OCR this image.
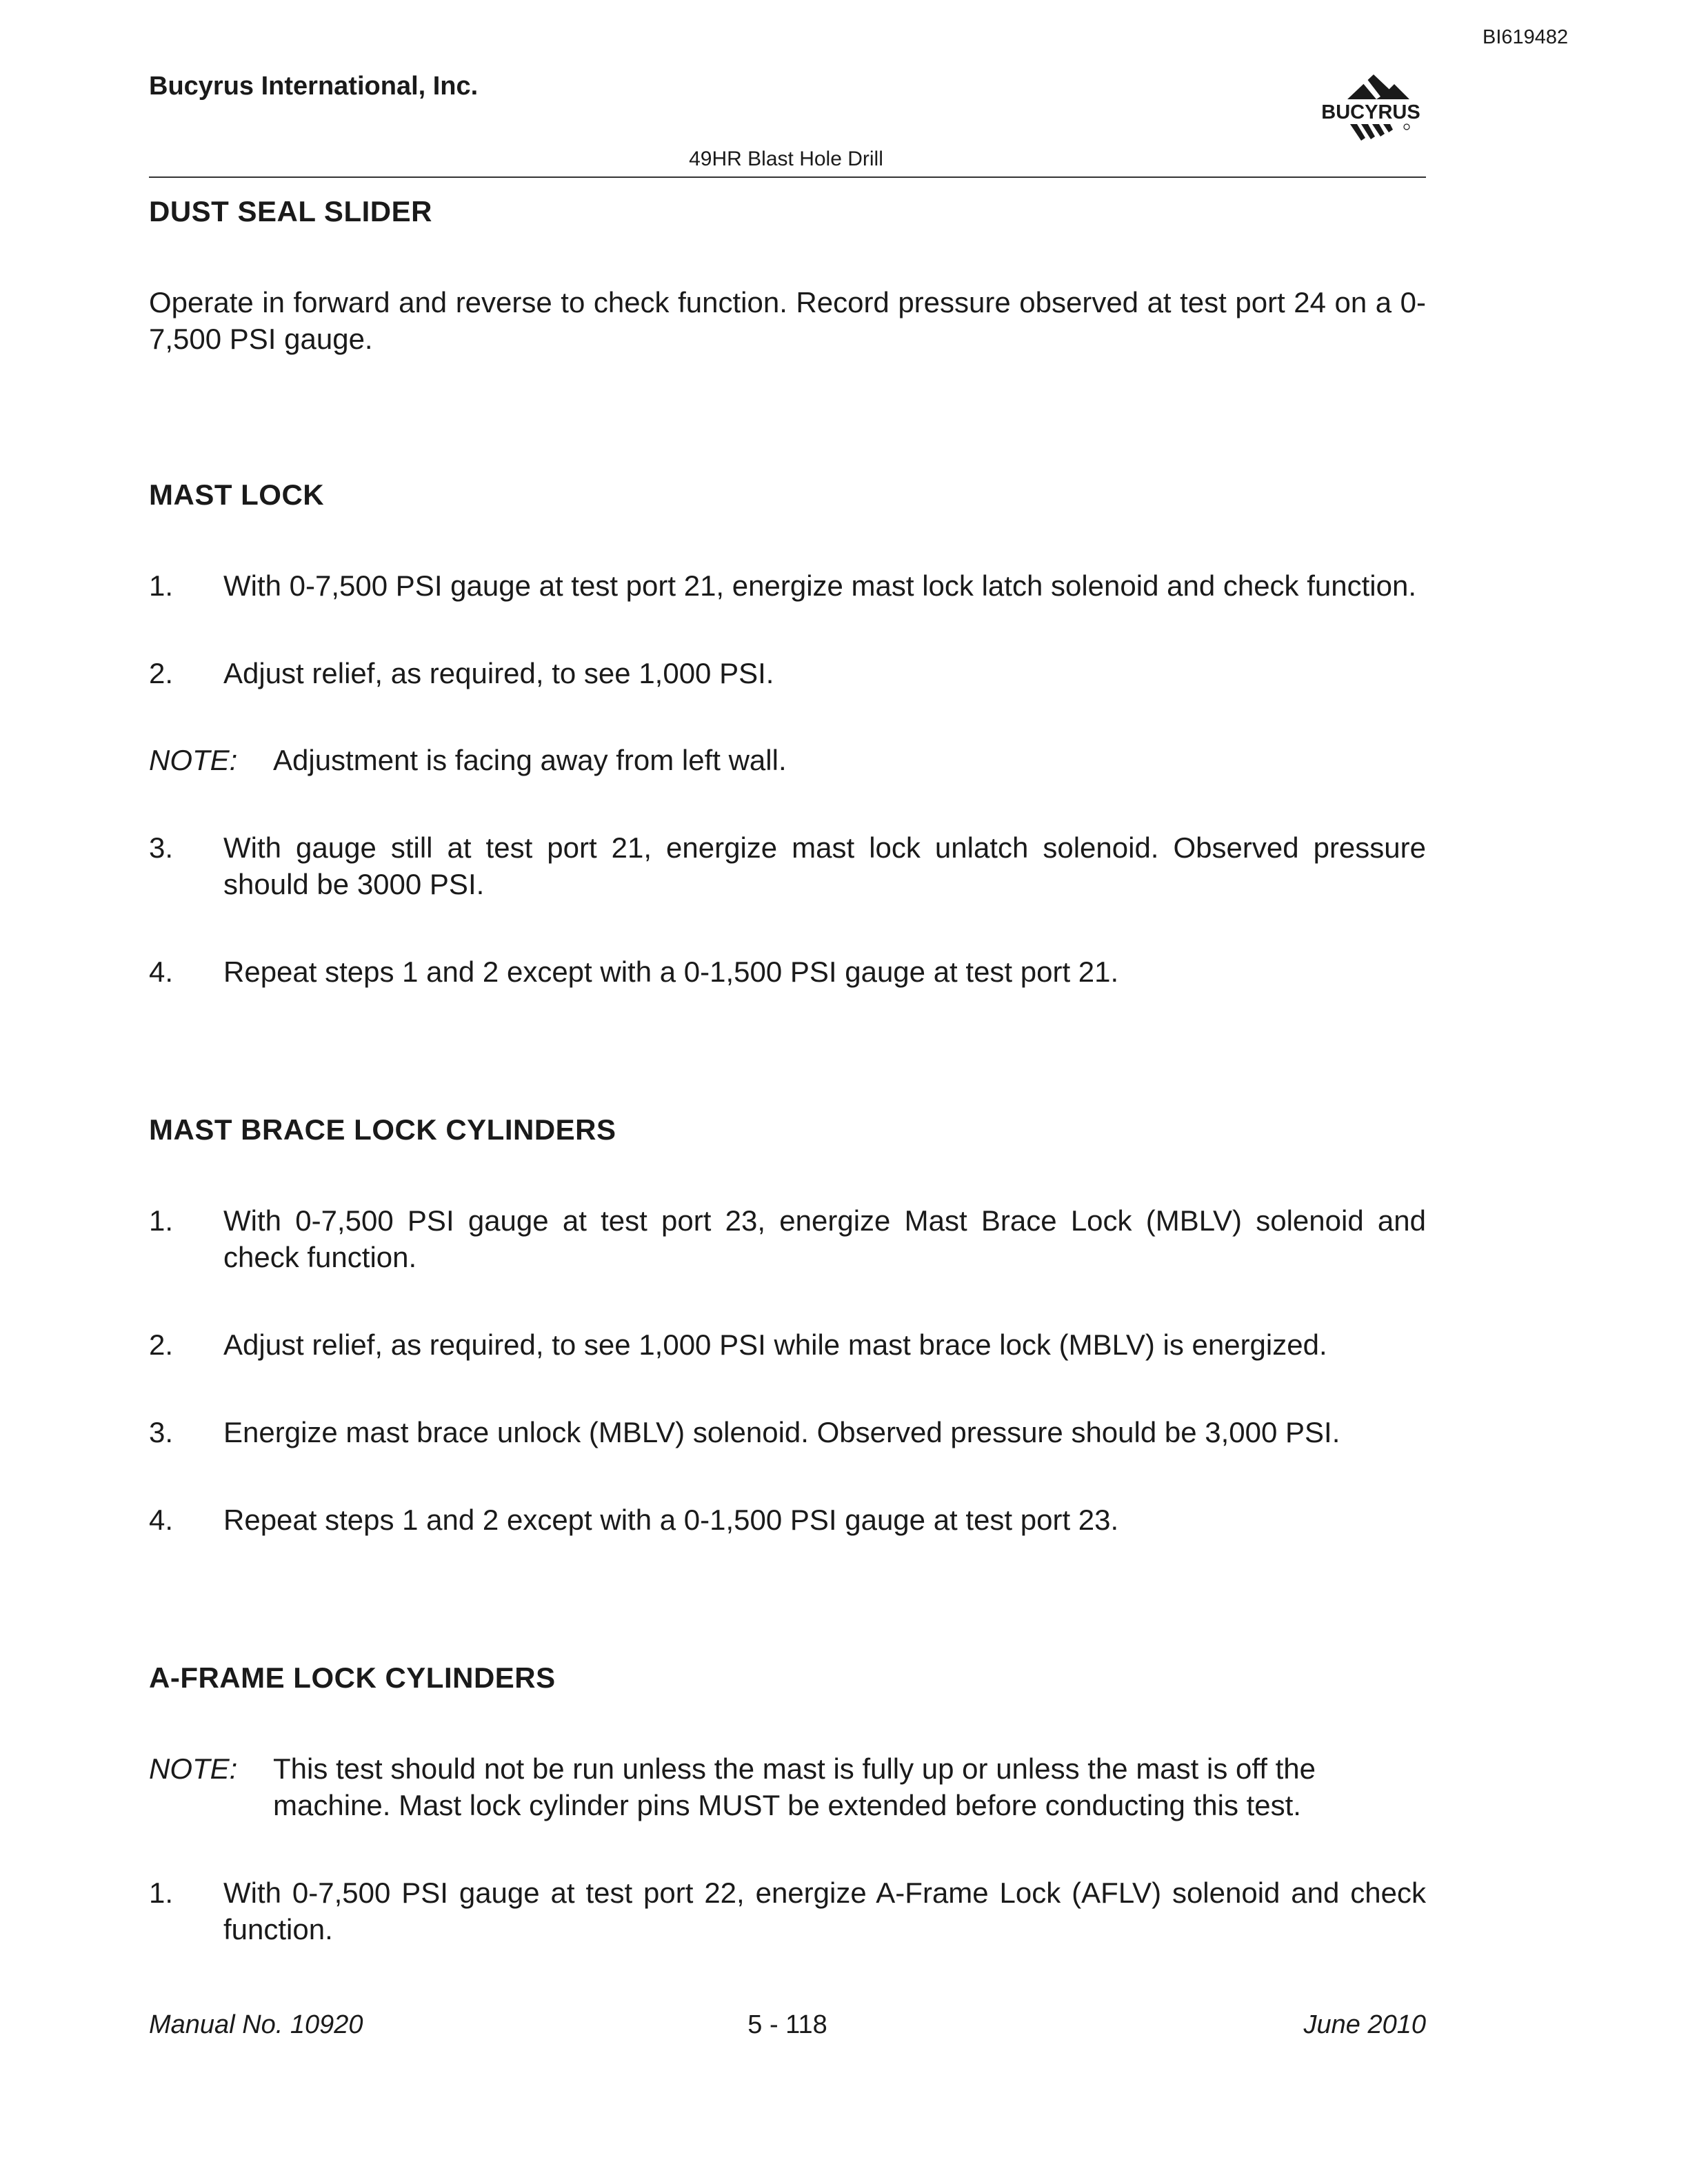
BI619482
Bucyrus International, Inc.
BUCYRUS
49HR Blast Hole Drill
DUST SEAL SLIDER

Operate in forward and reverse to check function. Record pressure observed at test port 24 on a 0-7,500 PSI gauge.

MAST LOCK
1.	With 0-7,500 PSI gauge at test port 21, energize mast lock latch solenoid and check function.
2.	Adjust relief, as required, to see 1,000 PSI.
NOTE:	Adjustment is facing away from left wall.
3.	With gauge still at test port 21, energize mast lock unlatch solenoid. Observed pressure should be 3000 PSI.
4.	Repeat steps 1 and 2 except with a 0-1,500 PSI gauge at test port 21.
MAST BRACE LOCK CYLINDERS
1.	With 0-7,500 PSI gauge at test port 23, energize Mast Brace Lock (MBLV) solenoid and check function.
2.	Adjust relief, as required, to see 1,000 PSI while mast brace lock (MBLV) is energized.
3.	Energize mast brace unlock (MBLV) solenoid. Observed pressure should be 3,000 PSI.
4.	Repeat steps 1 and 2 except with a 0-1,500 PSI gauge at test port 23.
A-FRAME LOCK CYLINDERS
NOTE:	This test should not be run unless the mast is fully up or unless the mast is off the machine. Mast lock cylinder pins MUST be extended before conducting this test.
1.	With 0-7,500 PSI gauge at test port 22, energize A-Frame Lock (AFLV) solenoid and check function.
Manual No. 10920	5 - 118	June 2010
